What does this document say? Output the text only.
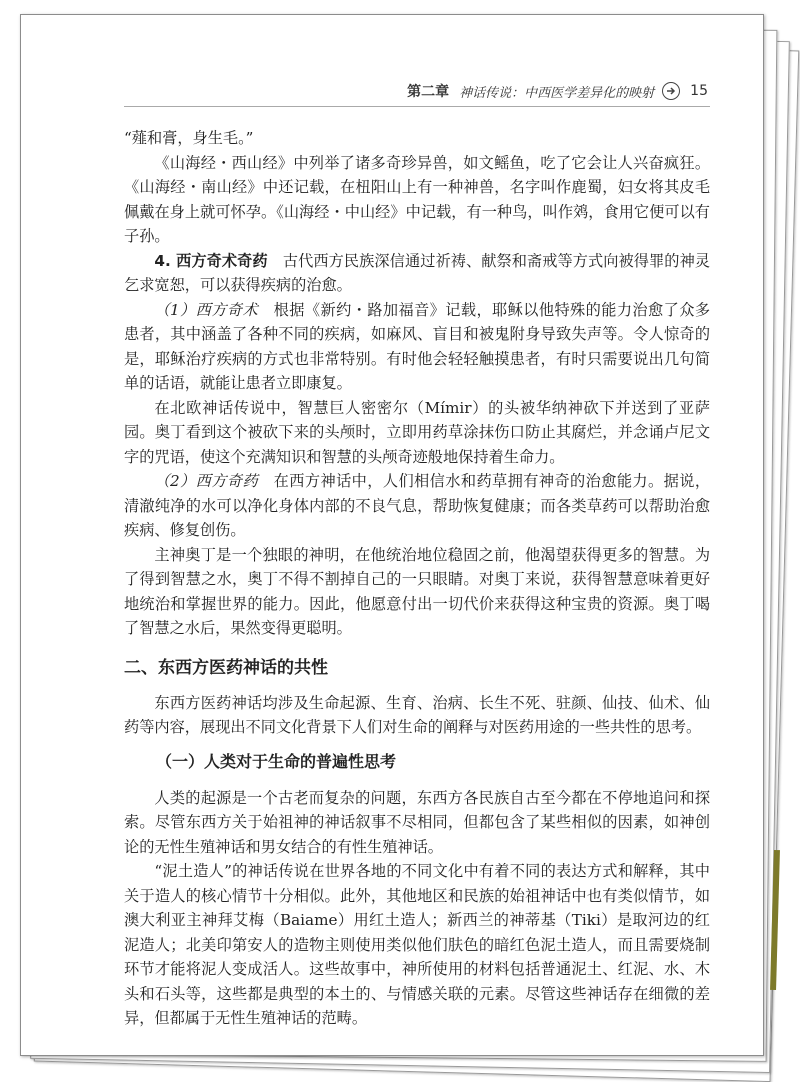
第二章 神话传说：中西医学差异化的映射	15

“薤和膏，身生毛。”

《山海经・西山经》中列举了诸多奇珍异兽，如文鳐鱼，吃了它会让人兴奋疯狂。《山海经・南山经》中还记载，在杻阳山上有一种神兽，名字叫作鹿蜀，妇女将其皮毛佩戴在身上就可怀孕。《山海经・中山经》中记载，有一种鸟，叫作䴔，食用它便可以有子孙。

4. 西方奇术奇药　 古代西方民族深信通过祈祷、献祭和斋戒等方式向被得罪的神灵乞求宽恕，可以获得疾病的治愈。

（1）西方奇术　 根据《新约・路加福音》记载，耶稣以他特殊的能力治愈了众多患者，其中涵盖了各种不同的疾病，如麻风、盲目和被鬼附身导致失声等。令人惊奇的是，耶稣治疗疾病的方式也非常特别。有时他会轻轻触摸患者，有时只需要说出几句简单的话语，就能让患者立即康复。

在北欧神话传说中，智慧巨人密密尔（Mímir）的头被华纳神砍下并送到了亚萨园。奥丁看到这个被砍下来的头颅时，立即用药草涂抹伤口防止其腐烂，并念诵卢尼文字的咒语，使这个充满知识和智慧的头颅奇迹般地保持着生命力。

（2）西方奇药　 在西方神话中，人们相信水和药草拥有神奇的治愈能力。据说，清澈纯净的水可以净化身体内部的不良气息，帮助恢复健康；而各类草药可以帮助治愈疾病、修复创伤。

主神奥丁是一个独眼的神明，在他统治地位稳固之前，他渴望获得更多的智慧。为了得到智慧之水，奥丁不得不割掉自己的一只眼睛。对奥丁来说，获得智慧意味着更好地统治和掌握世界的能力。因此，他愿意付出一切代价来获得这种宝贵的资源。奥丁喝了智慧之水后，果然变得更聪明。

二、东西方医药神话的共性

东西方医药神话均涉及生命起源、生育、治病、长生不死、驻颜、仙技、仙术、仙药等内容，展现出不同文化背景下人们对生命的阐释与对医药用途的一些共性的思考。

（一）人类对于生命的普遍性思考

人类的起源是一个古老而复杂的问题，东西方各民族自古至今都在不停地追问和探索。尽管东西方关于始祖神的神话叙事不尽相同，但都包含了某些相似的因素，如神创论的无性生殖神话和男女结合的有性生殖神话。

“泥土造人”的神话传说在世界各地的不同文化中有着不同的表达方式和解释，其中关于造人的核心情节十分相似。此外，其他地区和民族的始祖神话中也有类似情节，如澳大利亚主神拜艾梅（Baiame）用红土造人；新西兰的神蒂基（Tiki）是取河边的红泥造人；北美印第安人的造物主则使用类似他们肤色的暗红色泥土造人，而且需要烧制环节才能将泥人变成活人。这些故事中，神所使用的材料包括普通泥土、红泥、水、木头和石头等，这些都是典型的本土的、与情感关联的元素。尽管这些神话存在细微的差异，但都属于无性生殖神话的范畴。
